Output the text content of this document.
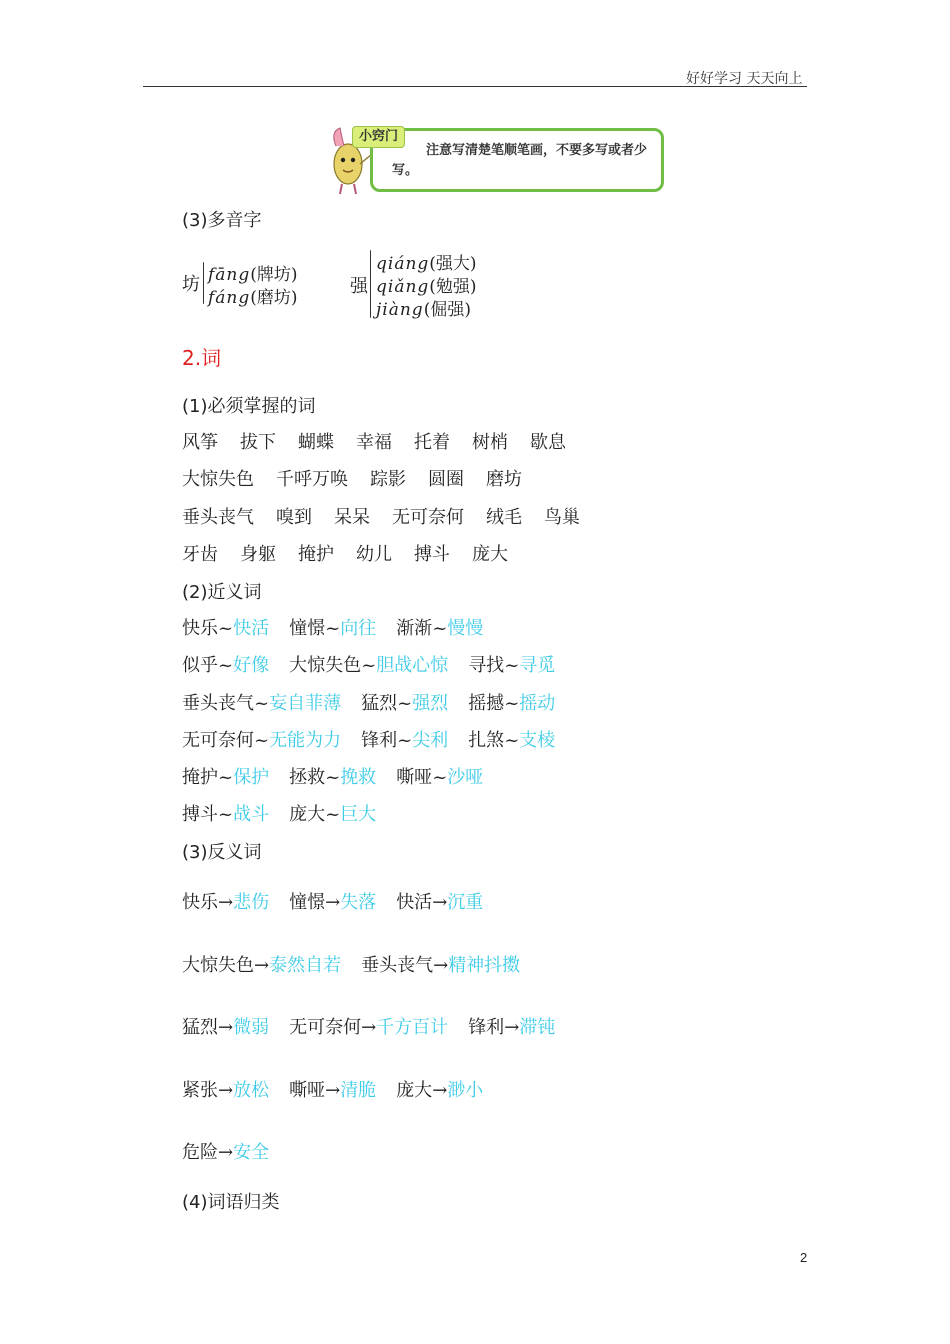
好好学习 天天向上
小窍门
注意写清楚笔顺笔画，不要多写或者少写。
(3)多音字
坊 fāng(牌坊)
fáng(磨坊)
强
qiáng(强大)
qiǎng(勉强)
jiàng(倔强)
2.词
(1)必须掌握的词
风筝 拔下 蝴蝶 幸福 托着 树梢 歇息
大惊失色 千呼万唤 踪影 圆圈 磨坊
垂头丧气 嗅到 呆呆 无可奈何 绒毛 鸟巢
牙齿 身躯 掩护 幼儿 搏斗 庞大
(2)近义词
快乐~快活 憧憬~向往 渐渐~慢慢
似乎~好像 大惊失色~胆战心惊 寻找~寻觅
垂头丧气~妄自菲薄 猛烈~强烈 摇撼~摇动
无可奈何~无能为力 锋利~尖利 扎煞~支棱
掩护~保护 拯救~挽救 嘶哑~沙哑
搏斗~战斗 庞大~巨大
(3)反义词
快乐→悲伤 憧憬→失落 快活→沉重
大惊失色→泰然自若 垂头丧气→精神抖擞
猛烈→微弱 无可奈何→千方百计 锋利→滞钝
紧张→放松 嘶哑→清脆 庞大→渺小
危险→安全
(4)词语归类
2
